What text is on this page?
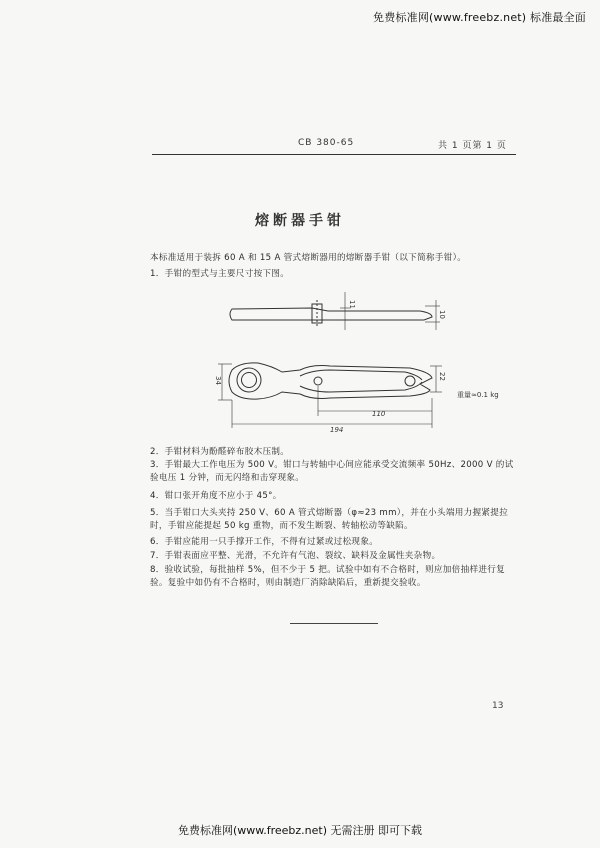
免费标准网(www.freebz.net) 标准最全面
CB 380-65	共 1 页第 1 页
熔断器手钳
本标准适用于装拆 60 A 和 15 A 管式熔断器用的熔断器手钳（以下简称手钳）。
1．手钳的型式与主要尺寸按下图。
11
10
34	22
110
194
重量≈0.1 kg
2．手钳材料为酚醛碎布胶木压制。
3．手钳最大工作电压为 500 V。钳口与转轴中心间应能承受交流频率 50Hz、2000 V 的试验电压 1 分钟，而无闪络和击穿现象。
4．钳口张开角度不应小于 45°。
5．当手钳口大头夹持 250 V、60 A 管式熔断器（φ≈23 mm），并在小头端用力握紧提拉时，手钳应能提起 50 kg 重物，而不发生断裂、转轴松动等缺陷。
6．手钳应能用一只手撑开工作，不得有过紧或过松现象。
7．手钳表面应平整、光滑，不允许有气泡、裂纹、缺料及金属性夹杂物。
8．验收试验，每批抽样 5%，但不少于 5 把。试验中如有不合格时，则应加倍抽样进行复验。复验中如仍有不合格时，则由制造厂消除缺陷后，重新提交验收。
13
免费标准网(www.freebz.net) 无需注册 即可下载
